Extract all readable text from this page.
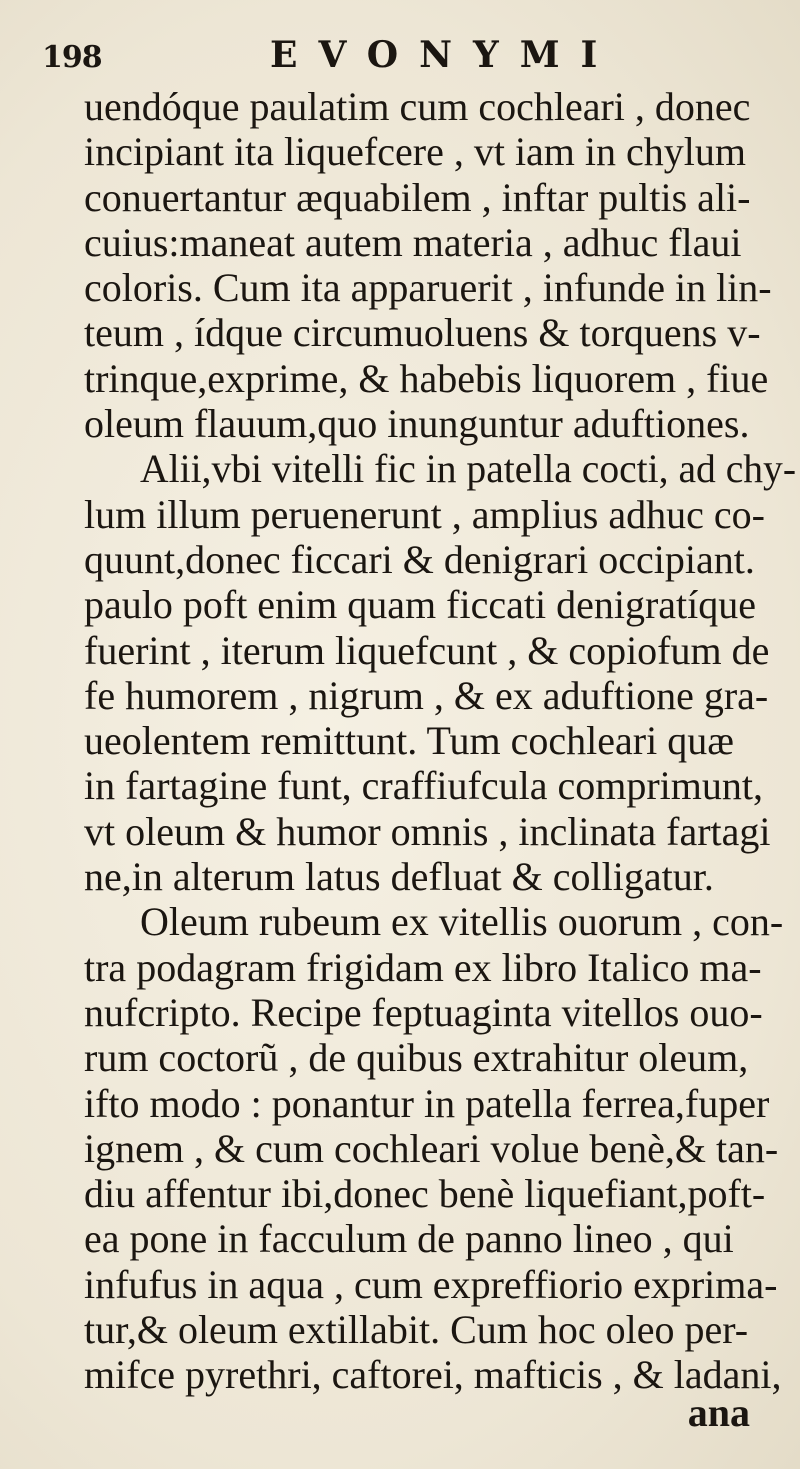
198	EVONYMI
uendóque paulatim cum cochleari , donec
incipiant ita liquefcere , vt iam in chylum
conuertantur æquabilem , inftar pultis ali-
cuius:maneat autem materia , adhuc flaui
coloris. Cum ita apparuerit , infunde in lin-
teum , ídque circumuoluens & torquens v-
trinque,exprime, & habebis liquorem , fiue
oleum flauum,quo inunguntur aduftiones.
Alii,vbi vitelli fic in patella cocti, ad chy-
lum illum peruenerunt , amplius adhuc co-
quunt,donec ficcari & denigrari occipiant.
paulo poft enim quam ficcati denigratíque
fuerint , iterum liquefcunt , & copiofum de
fe humorem , nigrum , & ex aduftione gra-
ueolentem remittunt. Tum cochleari quæ
in fartagine funt, craffiufcula comprimunt,
vt oleum & humor omnis , inclinata fartagi
ne,in alterum latus defluat & colligatur.
Oleum rubeum ex vitellis ouorum , con-
tra podagram frigidam ex libro Italico ma-
nufcripto. Recipe feptuaginta vitellos ouo-
rum coctorũ , de quibus extrahitur oleum,
ifto modo : ponantur in patella ferrea,fuper
ignem , & cum cochleari volue benè,& tan-
diu affentur ibi,donec benè liquefiant,poft-
ea pone in facculum de panno lineo , qui
infufus in aqua , cum expreffiorio exprima-
tur,& oleum extillabit. Cum hoc oleo per-
mifce pyrethri, caftorei, mafticis , & ladani,
ana
